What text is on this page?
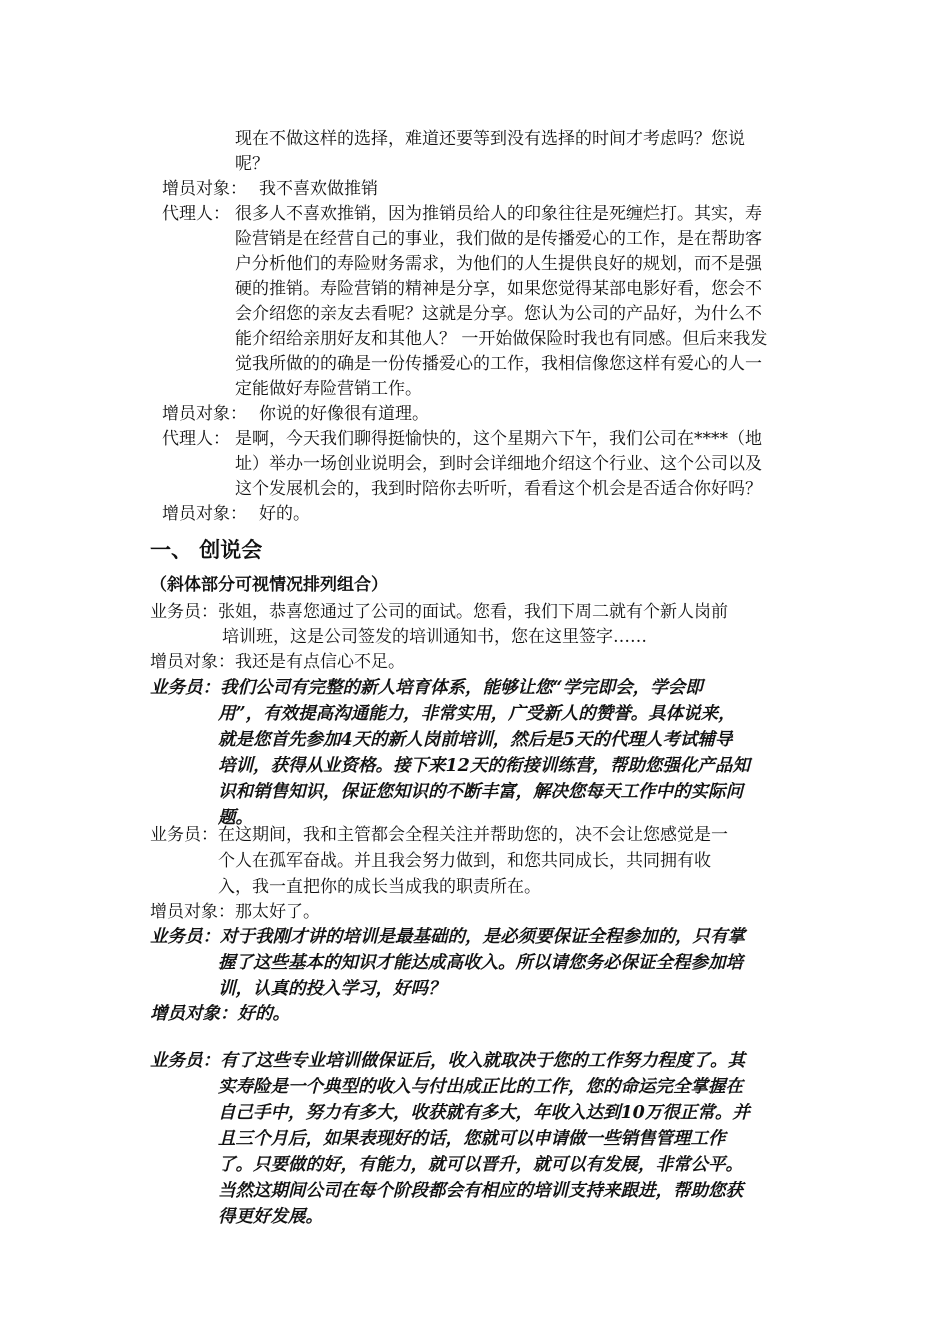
现在不做这样的选择，难道还要等到没有选择的时间才考虑吗？您说
呢？
增员对象： 我不喜欢做推销
代理人： 很多人不喜欢推销，因为推销员给人的印象往往是死缠烂打。其实，寿
险营销是在经营自己的事业，我们做的是传播爱心的工作，是在帮助客
户分析他们的寿险财务需求，为他们的人生提供良好的规划，而不是强
硬的推销。寿险营销的精神是分享，如果您觉得某部电影好看，您会不
会介绍您的亲友去看呢？这就是分享。您认为公司的产品好，为什么不
能介绍给亲朋好友和其他人？ 一开始做保险时我也有同感。但后来我发
觉我所做的的确是一份传播爱心的工作，我相信像您这样有爱心的人一
定能做好寿险营销工作。
增员对象： 你说的好像很有道理。
代理人： 是啊，今天我们聊得挺愉快的，这个星期六下午，我们公司在****（地
址）举办一场创业说明会，到时会详细地介绍这个行业、这个公司以及
这个发展机会的，我到时陪你去听听，看看这个机会是否适合你好吗？
增员对象： 好的。
一、 创说会
（斜体部分可视情况排列组合）
业务员：张姐，恭喜您通过了公司的面试。您看，我们下周二就有个新人岗前
培训班，这是公司签发的培训通知书，您在这里签字……
增员对象：我还是有点信心不足。
业务员：我们公司有完整的新人培育体系，能够让您“学完即会，学会即
用”，有效提高沟通能力，非常实用，广受新人的赞誉。具体说来，
就是您首先参加4天的新人岗前培训，然后是5天的代理人考试辅导
培训，获得从业资格。接下来12天的衔接训练营，帮助您强化产品知
识和销售知识，保证您知识的不断丰富，解决您每天工作中的实际问
题。
业务员：在这期间，我和主管都会全程关注并帮助您的，决不会让您感觉是一
个人在孤军奋战。并且我会努力做到，和您共同成长，共同拥有收
入，我一直把你的成长当成我的职责所在。
增员对象：那太好了。
业务员：对于我刚才讲的培训是最基础的，是必须要保证全程参加的，只有掌
握了这些基本的知识才能达成高收入。所以请您务必保证全程参加培
训，认真的投入学习，好吗？
增员对象：好的。
业务员：有了这些专业培训做保证后，收入就取决于您的工作努力程度了。其
实寿险是一个典型的收入与付出成正比的工作，您的命运完全掌握在
自己手中，努力有多大，收获就有多大，年收入达到10万很正常。并
且三个月后，如果表现好的话，您就可以申请做一些销售管理工作
了。只要做的好，有能力，就可以晋升，就可以有发展，非常公平。
当然这期间公司在每个阶段都会有相应的培训支持来跟进，帮助您获
得更好发展。
